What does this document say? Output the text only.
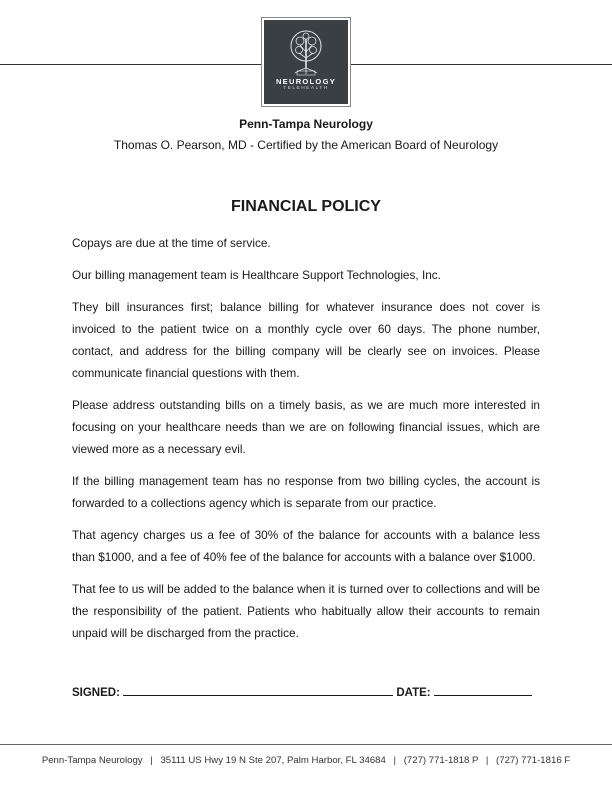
NEUROLOGY
TELEHEALTH
Penn-Tampa Neurology
Thomas O. Pearson, MD - Certified by the American Board of Neurology
FINANCIAL POLICY

Copays are due at the time of service.

Our billing management team is Healthcare Support Technologies, Inc.

They bill insurances first; balance billing for whatever insurance does not cover is invoiced to the patient twice on a monthly cycle over 60 days. The phone number, contact, and address for the billing company will be clearly see on invoices. Please communicate financial questions with them.

Please address outstanding bills on a timely basis, as we are much more interested in focusing on your healthcare needs than we are on following financial issues, which are viewed more as a necessary evil.

If the billing management team has no response from two billing cycles, the account is forwarded to a collections agency which is separate from our practice.

That agency charges us a fee of 30% of the balance for accounts with a balance less than $1000, and a fee of 40% fee of the balance for accounts with a balance over $1000.

That fee to us will be added to the balance when it is turned over to collections and will be the responsibility of the patient. Patients who habitually allow their accounts to remain unpaid will be discharged from the practice.

SIGNED:	DATE:
Penn-Tampa Neurology | 35111 US Hwy 19 N Ste 207, Palm Harbor, FL 34684 | (727) 771-1818 P | (727) 771-1816 F
